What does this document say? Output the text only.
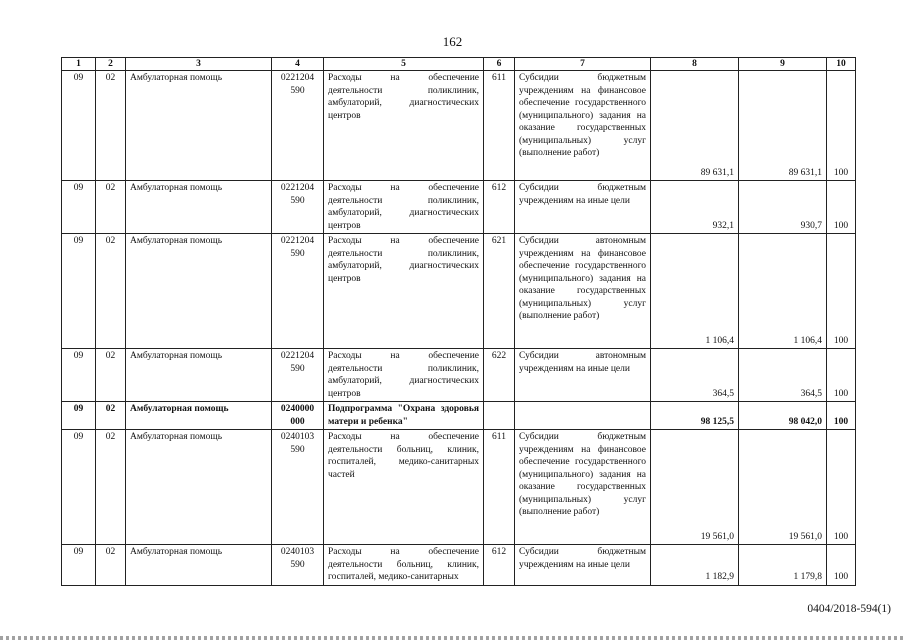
162
1	2	3	4	5	6	7	8	9	10
09	02	Амбулаторная помощь	0221204 590	Расходы на обеспечение деятельности поликлиник, амбулаторий, диагностических центров	611	Субсидии бюджетным учреждениям на финансовое обеспечение государственного (муниципального) задания на оказание государственных (муниципальных) услуг (выполнение работ)	89 631,1	89 631,1	100
09	02	Амбулаторная помощь	0221204 590	Расходы на обеспечение деятельности поликлиник, амбулаторий, диагностических центров	612	Субсидии бюджетным учреждениям на иные цели	932,1	930,7	100
09	02	Амбулаторная помощь	0221204 590	Расходы на обеспечение деятельности поликлиник, амбулаторий, диагностических центров	621	Субсидии автономным учреждениям на финансовое обеспечение государственного (муниципального) задания на оказание государственных (муниципальных) услуг (выполнение работ)	1 106,4	1 106,4	100
09	02	Амбулаторная помощь	0221204 590	Расходы на обеспечение деятельности поликлиник, амбулаторий, диагностических центров	622	Субсидии автономным учреждениям на иные цели	364,5	364,5	100
09	02	Амбулаторная помощь	0240000 000	Подпрограмма "Охрана здоровья матери и ребенка"			98 125,5	98 042,0	100
09	02	Амбулаторная помощь	0240103 590	Расходы на обеспечение деятельности больниц, клиник, госпиталей, медико-санитарных частей	611	Субсидии бюджетным учреждениям на финансовое обеспечение государственного (муниципального) задания на оказание государственных (муниципальных) услуг (выполнение работ)	19 561,0	19 561,0	100
09	02	Амбулаторная помощь	0240103 590	Расходы на обеспечение деятельности больниц, клиник, госпиталей, медико-санитарных	612	Субсидии бюджетным учреждениям на иные цели	1 182,9	1 179,8	100
0404/2018-594(1)
